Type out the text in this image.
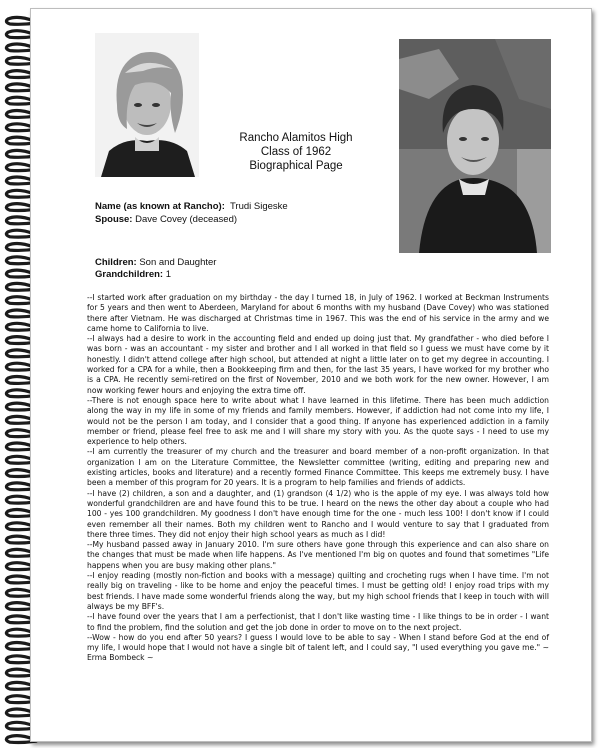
Rancho Alamitos High
Class of 1962
Biographical Page
Name (as known at Rancho): Trudi Sigeske
Spouse: Dave Covey (deceased)
Children: Son and Daughter
Grandchildren: 1

--I started work after graduation on my birthday - the day I turned 18, in July of 1962. I worked at Beckman Instruments for 5 years and then went to Aberdeen, Maryland for about 6 months with my husband (Dave Covey) who was stationed there after Vietnam. He was discharged at Christmas time in 1967. This was the end of his service in the army and we came home to California to live.

--I always had a desire to work in the accounting field and ended up doing just that. My grandfather - who died before I was born - was an accountant - my sister and brother and I all worked in that field so I guess we must have come by it honestly. I didn't attend college after high school, but attended at night a little later on to get my degree in accounting. I worked for a CPA for a while, then a Bookkeeping firm and then, for the last 35 years, I have worked for my brother who is a CPA. He recently semi-retired on the first of November, 2010 and we both work for the new owner. However, I am now working fewer hours and enjoying the extra time off.

--There is not enough space here to write about what I have learned in this lifetime. There has been much addiction along the way in my life in some of my friends and family members. However, if addiction had not come into my life, I would not be the person I am today, and I consider that a good thing. If anyone has experienced addiction in a family member or friend, please feel free to ask me and I will share my story with you. As the quote says - I need to use my experience to help others.

--I am currently the treasurer of my church and the treasurer and board member of a non-profit organization. In that organization I am on the Literature Committee, the Newsletter committee (writing, editing and preparing new and existing articles, books and literature) and a recently formed Finance Committee. This keeps me extremely busy. I have been a member of this program for 20 years. It is a program to help families and friends of addicts.

--I have (2) children, a son and a daughter, and (1) grandson (4 1/2) who is the apple of my eye. I was always told how wonderful grandchildren are and have found this to be true. I heard on the news the other day about a couple who had 100 - yes 100 grandchildren. My goodness I don't have enough time for the one - much less 100! I don't know if I could even remember all their names. Both my children went to Rancho and I would venture to say that I graduated from there three times. They did not enjoy their high school years as much as I did!

--My husband passed away in January 2010. I'm sure others have gone through this experience and can also share on the changes that must be made when life happens. As I've mentioned I'm big on quotes and found that sometimes "Life happens when you are busy making other plans."

--I enjoy reading (mostly non-fiction and books with a message) quilting and crocheting rugs when I have time. I'm not really big on traveling - like to be home and enjoy the peaceful times. I must be getting old! I enjoy road trips with my best friends. I have made some wonderful friends along the way, but my high school friends that I keep in touch with will always be my BFF's.

--I have found over the years that I am a perfectionist, that I don't like wasting time - I like things to be in order - I want to find the problem, find the solution and get the job done in order to move on to the next project.

--Wow - how do you end after 50 years? I guess I would love to be able to say - When I stand before God at the end of my life, I would hope that I would not have a single bit of talent left, and I could say, "I used everything you gave me." ~ Erma Bombeck ~
